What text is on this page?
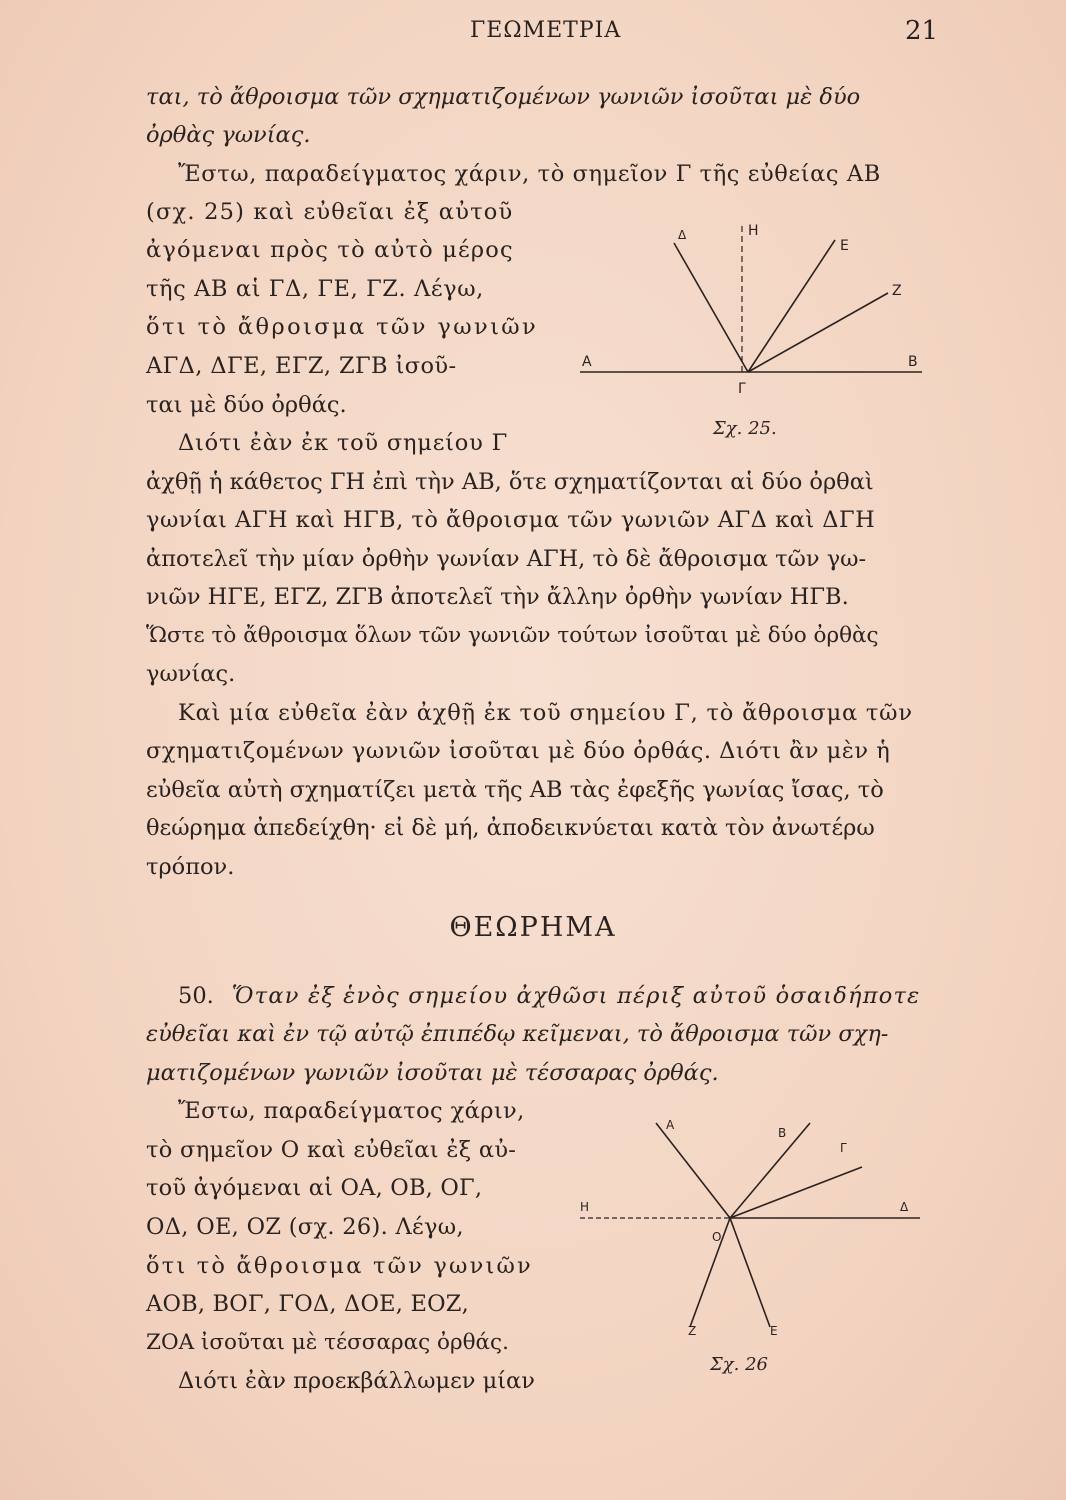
ΓΕΩΜΕΤΡΙΑ	21
ται, τὸ ἄθροισμα τῶν σχηματιζομένων γωνιῶν ἰσοῦται μὲ δύο
ὀρθὰς γωνίας.
Ἔστω, παραδείγματος χάριν, τὸ σημεῖον Γ τῆς εὐθείας ΑΒ
(σχ. 25) καὶ εὐθεῖαι ἐξ αὐτοῦ
ἀγόμεναι πρὸς τὸ αὐτὸ μέρος
τῆς ΑΒ αἱ ΓΔ, ΓΕ, ΓΖ. Λέγω,
ὅτι τὸ ἄθροισμα τῶν γωνιῶν
ΑΓΔ, ΔΓΕ, ΕΓΖ, ΖΓΒ ἰσοῦ-
ται μὲ δύο ὀρθάς.
Διότι ἐὰν ἐκ τοῦ σημείου Γ
ἀχθῇ ἡ κάθετος ΓΗ ἐπὶ τὴν ΑΒ, ὅτε σχηματίζονται αἱ δύο ὀρθαὶ
γωνίαι ΑΓΗ καὶ ΗΓΒ, τὸ ἄθροισμα τῶν γωνιῶν ΑΓΔ καὶ ΔΓΗ
ἀποτελεῖ τὴν μίαν ὀρθὴν γωνίαν ΑΓΗ, τὸ δὲ ἄθροισμα τῶν γω-
νιῶν ΗΓΕ, ΕΓΖ, ΖΓΒ ἀποτελεῖ τὴν ἄλλην ὀρθὴν γωνίαν ΗΓΒ.
Ὥστε τὸ ἄθροισμα ὅλων τῶν γωνιῶν τούτων ἰσοῦται μὲ δύο ὀρθὰς
γωνίας.
Καὶ μία εὐθεῖα ἐὰν ἀχθῇ ἐκ τοῦ σημείου Γ, τὸ ἄθροισμα τῶν
σχηματιζομένων γωνιῶν ἰσοῦται μὲ δύο ὀρθάς. Διότι ἂν μὲν ἡ
εὐθεῖα αὐτὴ σχηματίζει μετὰ τῆς ΑΒ τὰς ἐφεξῆς γωνίας ἴσας, τὸ
θεώρημα ἀπεδείχθη· εἰ δὲ μή, ἀποδεικνύεται κατὰ τὸν ἀνωτέρω
τρόπον.
Α	Β
Γ
Δ
Ε
Ζ
Η
Σχ. 25.
ΘΕΩΡΗΜΑ
50. Ὅταν ἐξ ἑνὸς σημείου ἀχθῶσι πέριξ αὐτοῦ ὁσαιδήποτε
εὐθεῖαι καὶ ἐν τῷ αὐτῷ ἐπιπέδῳ κεῖμεναι, τὸ ἄθροισμα τῶν σχη-
ματιζομένων γωνιῶν ἰσοῦται μὲ τέσσαρας ὀρθάς.
Ἔστω, παραδείγματος χάριν,
τὸ σημεῖον Ο καὶ εὐθεῖαι ἐξ αὐ-
τοῦ ἀγόμεναι αἱ ΟΑ, ΟΒ, ΟΓ,
ΟΔ, ΟΕ, ΟΖ (σχ. 26). Λέγω,
ὅτι τὸ ἄθροισμα τῶν γωνιῶν
ΑΟΒ, ΒΟΓ, ΓΟΔ, ΔΟΕ, ΕΟΖ,
ΖΟΑ ἰσοῦται μὲ τέσσαρας ὀρθάς.
Διότι ἐὰν προεκβάλλωμεν μίαν
Α
Β
Γ
Δ
Η
Ο
Ε
Ζ
Σχ. 26
